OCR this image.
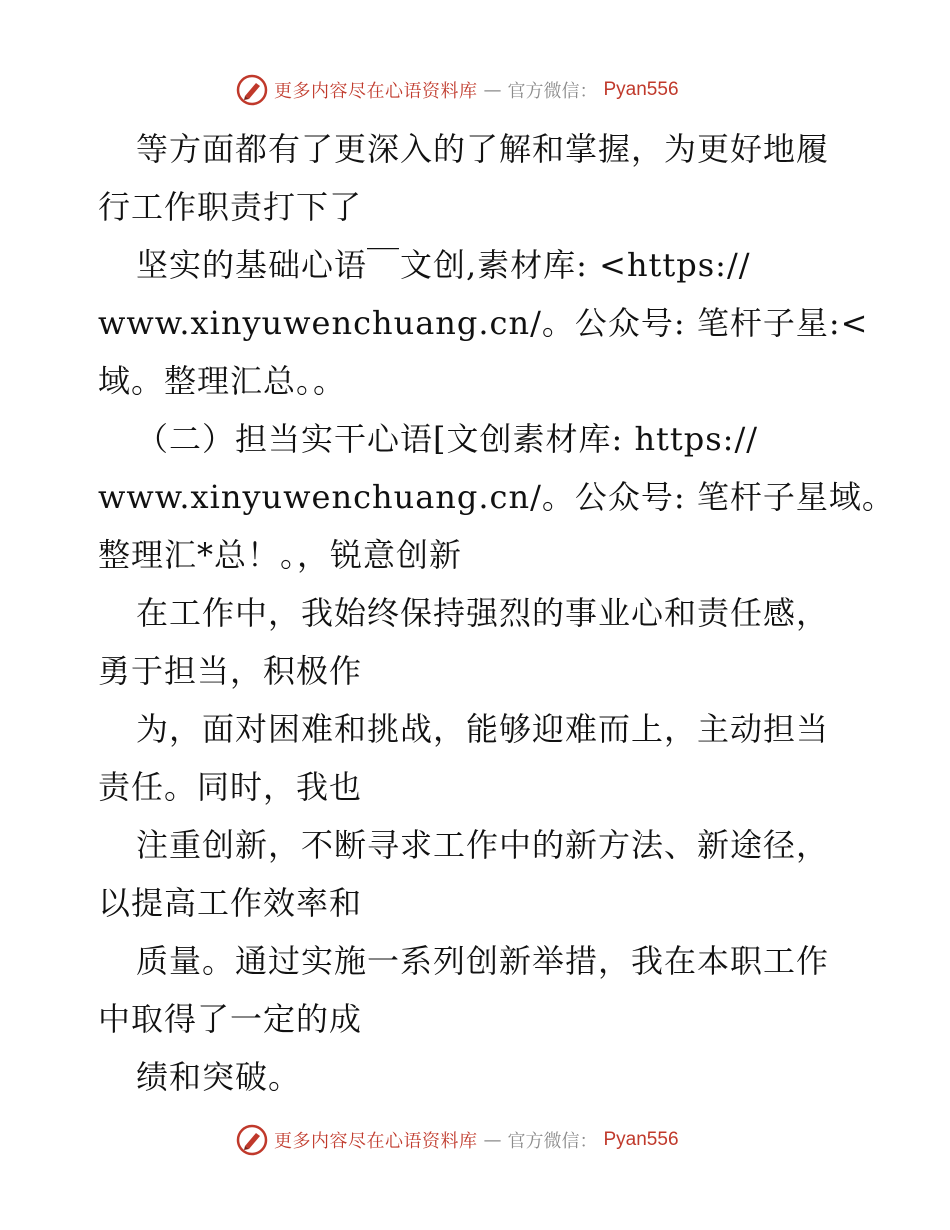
更多内容尽在心语资料库 — 官方微信： Pyan556
等方面都有了更深入的了解和掌握，为更好地履
行工作职责打下了
坚实的基础心语￣文创,素材库: <https://
www.xinyuwenchuang.cn/。公众号: 笔杆子星:<
域。整理汇总。。
（二）担当实干心语[文创素材库: https://
www.xinyuwenchuang.cn/。公众号: 笔杆子星域。
整理汇*总！。，锐意创新
在工作中，我始终保持强烈的事业心和责任感，
勇于担当，积极作
为，面对困难和挑战，能够迎难而上，主动担当
责任。同时，我也
注重创新，不断寻求工作中的新方法、新途径，
以提高工作效率和
质量。通过实施一系列创新举措，我在本职工作
中取得了一定的成
绩和突破。
更多内容尽在心语资料库 — 官方微信： Pyan556
